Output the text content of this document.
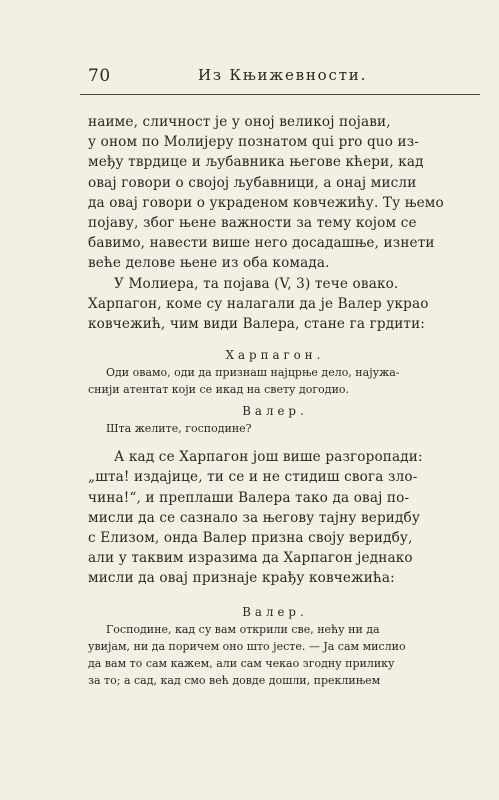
70	Из Књижевности.

наиме, сличност је у оној великој појави,

у оном по Молијеру познатом qui pro quo из-

међу тврдице и љубавника његове кћери, кад

овај говори о својој љубавници, а онај мисли

да овај говори о украденом ковчежићу. Ту њемо

појаву, због њене важности за тему којом се

бавимо, навести више него досадашње, изнети

веће делове њене из оба комада.

У Молиера, та појава (V, 3) тече овако.

Харпагон, коме су налагали да је Валер украо

ковчежић, чим види Валера, стане га грдити:

Харпагон.

Оди овамо, оди да признаш најцрње дело, најужа-

снији атентат који се икад на свету догодио.

Валер.

Шта желите, господине?

А кад се Харпагон још више разгоропади:

„шта! издајице, ти се и не стидиш свога зло-

чина!“, и преплаши Валера тако да овај по-

мисли да се сазнало за његову тајну веридбу

с Елизом, онда Валер призна своју веридбу,

али у таквим изразима да Харпагон једнако

мисли да овај признаје крађу ковчежића:

Валер.

Господине, кад су вам открили све, нећу ни да

увијам, ни да поричем оно што јесте. — Ја сам мислио

да вам то сам кажем, али сам чекао згодну прилику

за то; а сад, кад смо већ довде дошли, преклињем
